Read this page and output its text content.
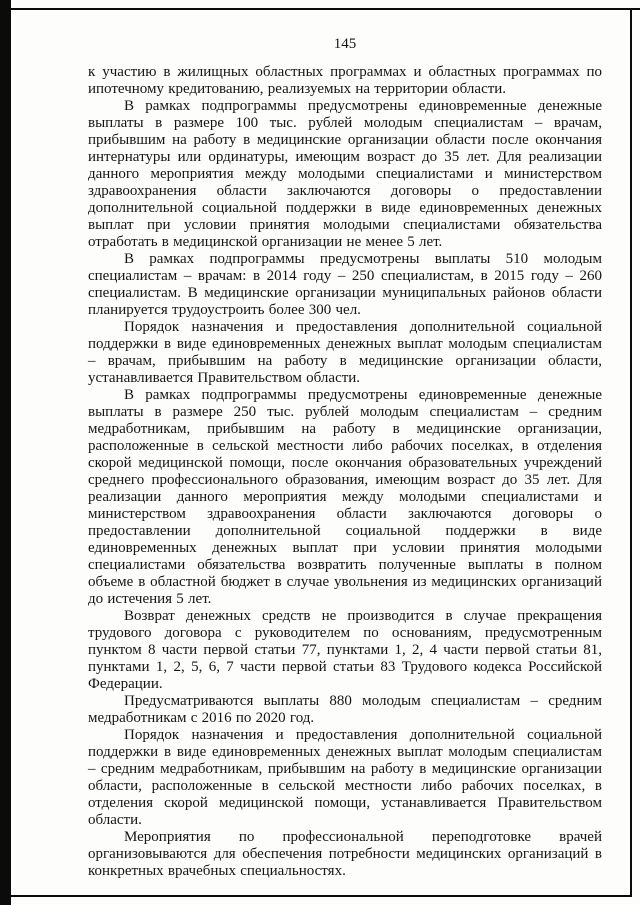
145

к участию в жилищных областных программах и областных программах по ипотечному кредитованию, реализуемых на территории области.

В рамках подпрограммы предусмотрены единовременные денежные выплаты в размере 100 тыс. рублей молодым специалистам – врачам, прибывшим на работу в медицинские организации области после окончания интернатуры или ординатуры, имеющим возраст до 35 лет. Для реализации данного мероприятия между молодыми специалистами и министерством здравоохранения области заключаются договоры о предоставлении дополнительной социальной поддержки в виде единовременных денежных выплат при условии принятия молодыми специалистами обязательства отработать в медицинской организации не менее 5 лет.

В рамках подпрограммы предусмотрены выплаты 510 молодым специалистам – врачам: в 2014 году – 250 специалистам, в 2015 году – 260 специалистам. В медицинские организации муниципальных районов области планируется трудоустроить более 300 чел.

Порядок назначения и предоставления дополнительной социальной поддержки в виде единовременных денежных выплат молодым специалистам – врачам, прибывшим на работу в медицинские организации области, устанавливается Правительством области.

В рамках подпрограммы предусмотрены единовременные денежные выплаты в размере 250 тыс. рублей молодым специалистам – средним медработникам, прибывшим на работу в медицинские организации, расположенные в сельской местности либо рабочих поселках, в отделения скорой медицинской помощи, после окончания образовательных учреждений среднего профессионального образования, имеющим возраст до 35 лет. Для реализации данного мероприятия между молодыми специалистами и министерством здравоохранения области заключаются договоры о предоставлении дополнительной социальной поддержки в виде единовременных денежных выплат при условии принятия молодыми специалистами обязательства возвратить полученные выплаты в полном объеме в областной бюджет в случае увольнения из медицинских организаций до истечения 5 лет.

Возврат денежных средств не производится в случае прекращения трудового договора с руководителем по основаниям, предусмотренным пунктом 8 части первой статьи 77, пунктами 1, 2, 4 части первой статьи 81, пунктами 1, 2, 5, 6, 7 части первой статьи 83 Трудового кодекса Российской Федерации.

Предусматриваются выплаты 880 молодым специалистам – средним медработникам с 2016 по 2020 год.

Порядок назначения и предоставления дополнительной социальной поддержки в виде единовременных денежных выплат молодым специалистам – средним медработникам, прибывшим на работу в медицинские организации области, расположенные в сельской местности либо рабочих поселках, в отделения скорой медицинской помощи, устанавливается Правительством области.

Мероприятия по профессиональной переподготовке врачей организовываются для обеспечения потребности медицинских организаций в конкретных врачебных специальностях.
